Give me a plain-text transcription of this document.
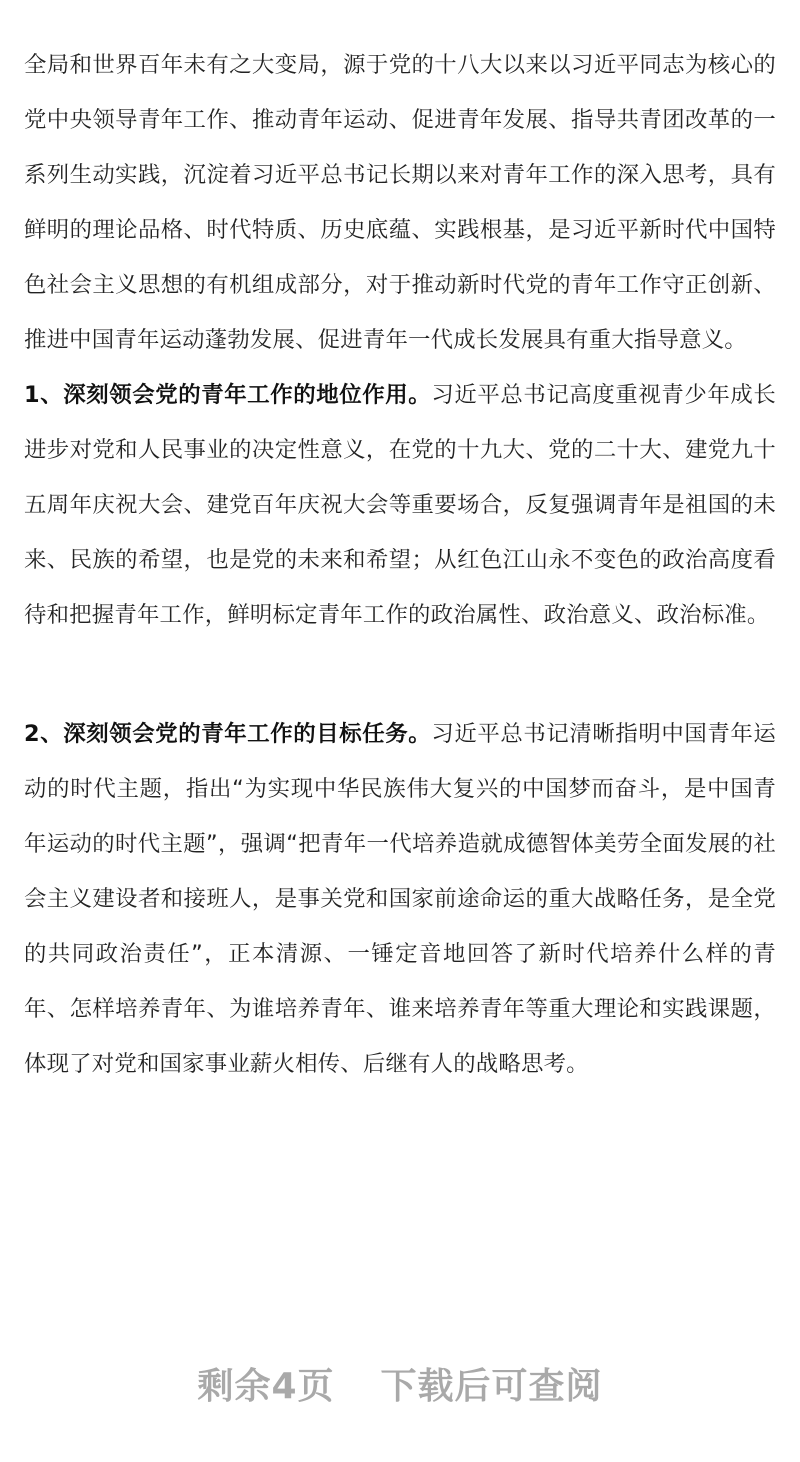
全局和世界百年未有之大变局，源于党的十八大以来以习近平同志为核心的党中央领导青年工作、推动青年运动、促进青年发展、指导共青团改革的一系列生动实践，沉淀着习近平总书记长期以来对青年工作的深入思考，具有鲜明的理论品格、时代特质、历史底蕴、实践根基，是习近平新时代中国特色社会主义思想的有机组成部分，对于推动新时代党的青年工作守正创新、推进中国青年运动蓬勃发展、促进青年一代成长发展具有重大指导意义。

1、深刻领会党的青年工作的地位作用。习近平总书记高度重视青少年成长进步对党和人民事业的决定性意义，在党的十九大、党的二十大、建党九十五周年庆祝大会、建党百年庆祝大会等重要场合，反复强调青年是祖国的未来、民族的希望，也是党的未来和希望；从红色江山永不变色的政治高度看待和把握青年工作，鲜明标定青年工作的政治属性、政治意义、政治标准。

2、深刻领会党的青年工作的目标任务。习近平总书记清晰指明中国青年运动的时代主题，指出“为实现中华民族伟大复兴的中国梦而奋斗，是中国青年运动的时代主题”，强调“把青年一代培养造就成德智体美劳全面发展的社会主义建设者和接班人，是事关党和国家前途命运的重大战略任务，是全党的共同政治责任”，正本清源、一锤定音地回答了新时代培养什么样的青年、怎样培养青年、为谁培养青年、谁来培养青年等重大理论和实践课题，体现了对党和国家事业薪火相传、后继有人的战略思考。

剩余4页 下载后可查阅
